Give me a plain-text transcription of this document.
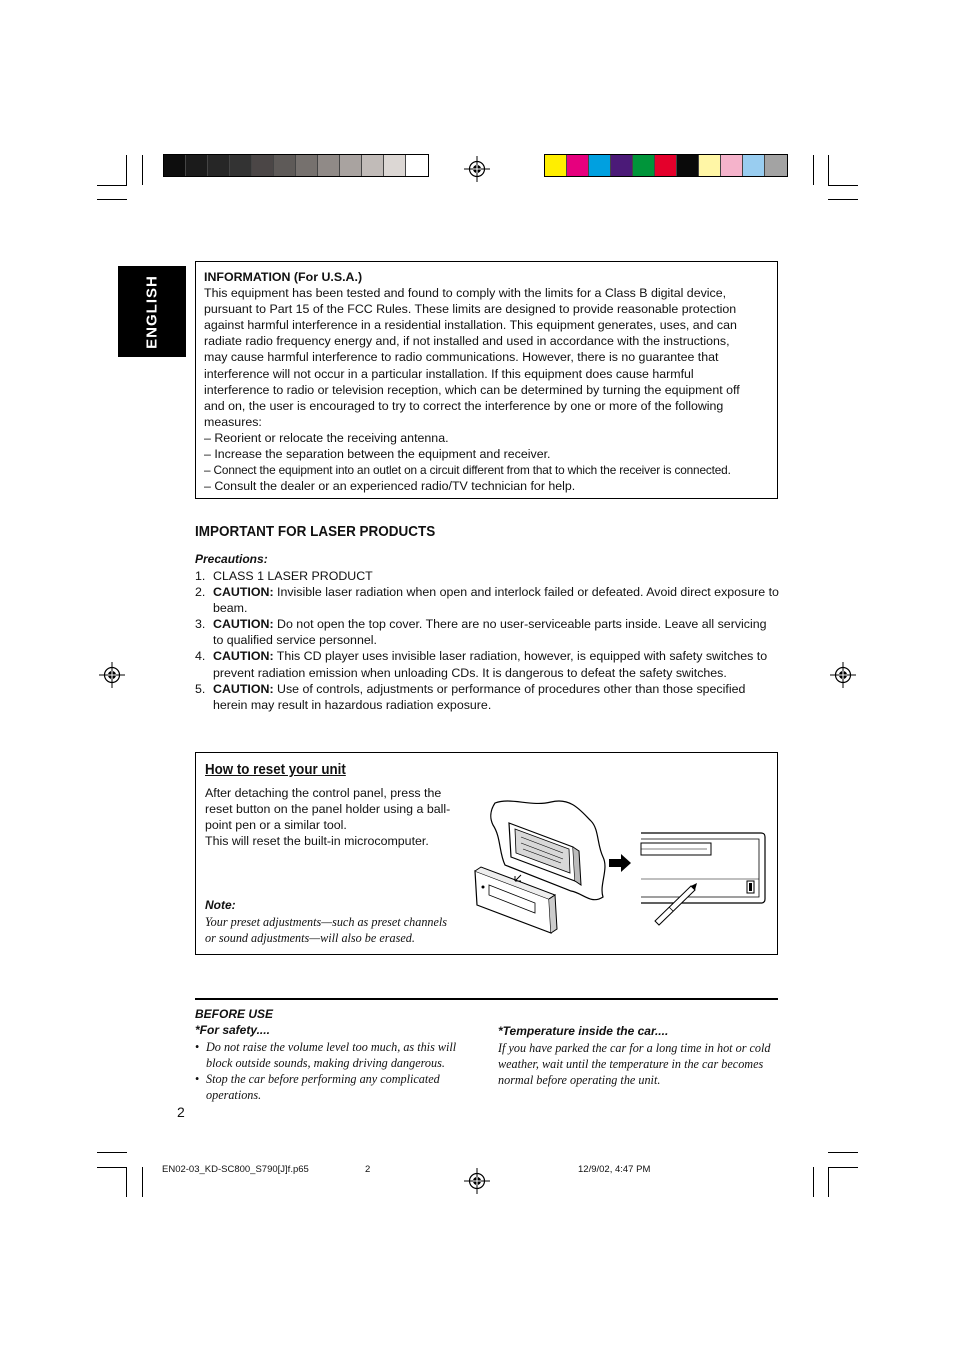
ENGLISH	INFORMATION (For U.S.A.)
This equipment has been tested and found to comply with the limits for a Class B digital device,
pursuant to Part 15 of the FCC Rules. These limits are designed to provide reasonable protection
against harmful interference in a residential installation. This equipment generates, uses, and can
radiate radio frequency energy and, if not installed and used in accordance with the instructions,
may cause harmful interference to radio communications. However, there is no guarantee that
interference will not occur in a particular installation. If this equipment does cause harmful
interference to radio or television reception, which can be determined by turning the equipment off
and on, the user is encouraged to try to correct the interference by one or more of the following
measures:
– Reorient or relocate the receiving antenna.
– Increase the separation between the equipment and receiver.
– Connect the equipment into an outlet on a circuit different from that to which the receiver is connected.
– Consult the dealer or an experienced radio/TV technician for help.
IMPORTANT FOR LASER PRODUCTS
Precautions:
1. CLASS 1 LASER PRODUCT
2. CAUTION: Invisible laser radiation when open and interlock failed or defeated. Avoid direct exposure to beam.
3. CAUTION: Do not open the top cover. There are no user-serviceable parts inside. Leave all servicing to qualified service personnel.
4. CAUTION: This CD player uses invisible laser radiation, however, is equipped with safety switches to prevent radiation emission when unloading CDs. It is dangerous to defeat the safety switches.
5. CAUTION: Use of controls, adjustments or performance of procedures other than those specified herein may result in hazardous radiation exposure.
How to reset your unit
After detaching the control panel, press the
reset button on the panel holder using a ball-
point pen or a similar tool.
This will reset the built-in microcomputer.
Note:
Your preset adjustments—such as preset channels
or sound adjustments—will also be erased.
BEFORE USE
*For safety....
• Do not raise the volume level too much, as this will block outside sounds, making driving dangerous.
• Stop the car before performing any complicated operations.
*Temperature inside the car....
If you have parked the car for a long time in hot or cold weather, wait until the temperature in the car becomes normal before operating the unit.
2
EN02-03_KD-SC800_S790[J]f.p65	2	12/9/02, 4:47 PM
